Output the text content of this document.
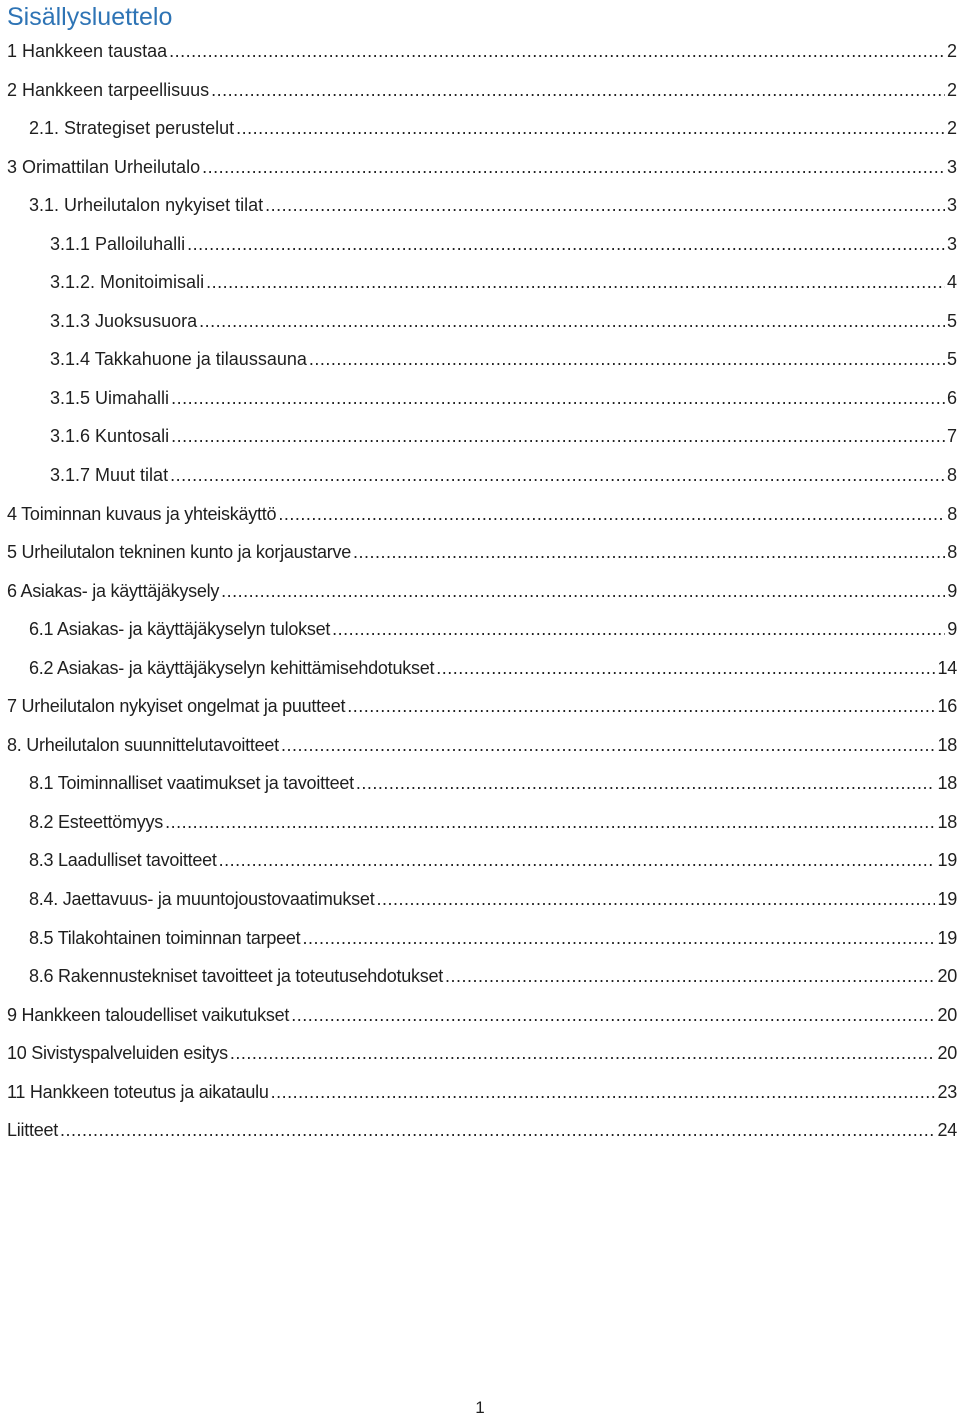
Sisällysluettelo
1 Hankkeen taustaa .....	2
2 Hankkeen tarpeellisuus .....	2
2.1. Strategiset perustelut .....	2
3 Orimattilan Urheilutalo .....	3
3.1. Urheilutalon nykyiset tilat .....	3
3.1.1 Palloiluhalli .....	3
3.1.2. Monitoimisali .....	4
3.1.3 Juoksusuora .....	5
3.1.4 Takkahuone ja tilaussauna .....	5
3.1.5 Uimahalli .....	6
3.1.6 Kuntosali .....	7
3.1.7 Muut tilat .....	8
4 Toiminnan kuvaus ja yhteiskäyttö .....	8
5 Urheilutalon tekninen kunto ja korjaustarve .....	8
6 Asiakas- ja käyttäjäkysely .....	9
6.1 Asiakas- ja käyttäjäkyselyn tulokset .....	9
6.2 Asiakas- ja käyttäjäkyselyn kehittämisehdotukset .....	14
7 Urheilutalon nykyiset ongelmat ja puutteet .....	16
8. Urheilutalon suunnittelutavoitteet .....	18
8.1 Toiminnalliset vaatimukset ja tavoitteet .....	18
8.2 Esteettömyys .....	18
8.3 Laadulliset tavoitteet .....	19
8.4. Jaettavuus- ja muuntojoustovaatimukset .....	19
8.5 Tilakohtainen toiminnan tarpeet .....	19
8.6 Rakennustekniset tavoitteet ja toteutusehdotukset .....	20
9 Hankkeen taloudelliset vaikutukset .....	20
10 Sivistyspalveluiden esitys .....	20
11 Hankkeen toteutus ja aikataulu .....	23
Liitteet .....	24
1
